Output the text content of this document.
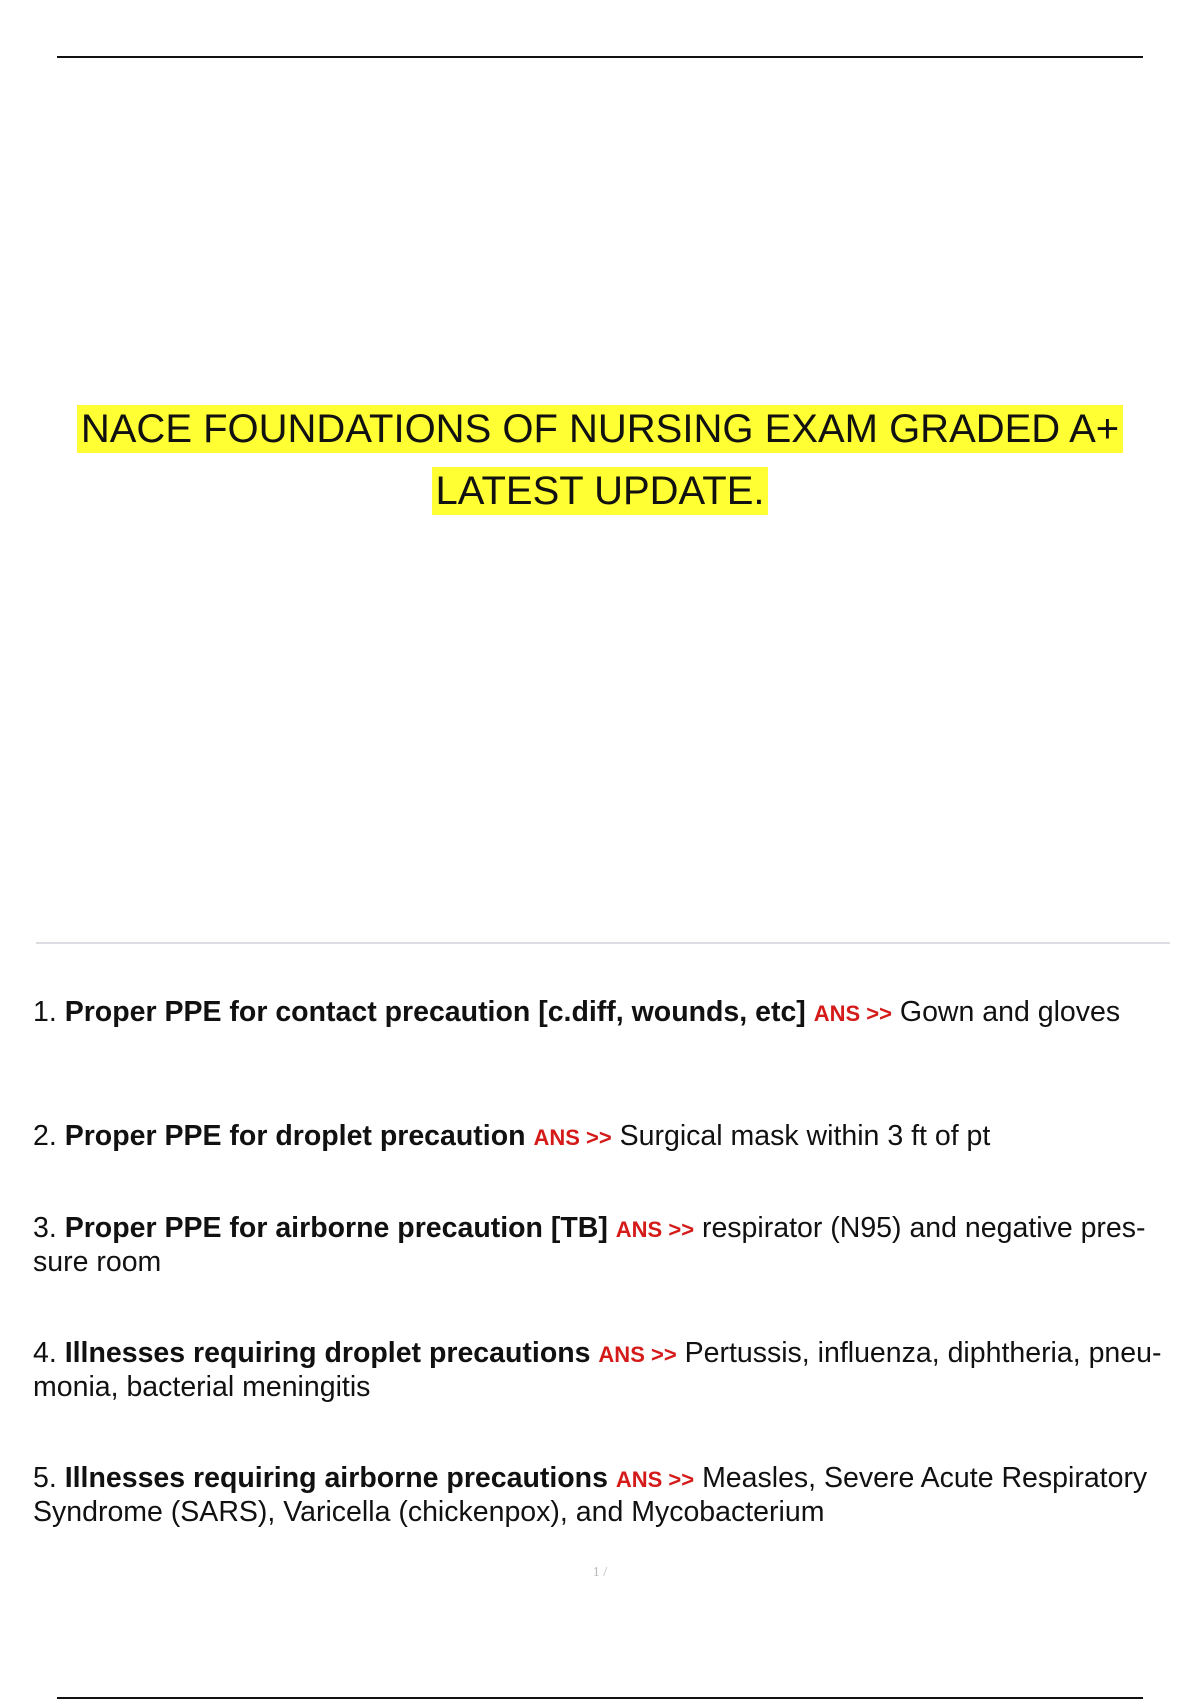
NACE FOUNDATIONS OF NURSING EXAM GRADED A+
LATEST UPDATE.
1. Proper PPE for contact precaution [c.diff, wounds, etc] ANS >> Gown and gloves
2. Proper PPE for droplet precaution ANS >> Surgical mask within 3 ft of pt
3. Proper PPE for airborne precaution [TB] ANS >> respirator (N95) and negative pres- sure room
4. Illnesses requiring droplet precautions ANS >> Pertussis, influenza, diphtheria, pneu- monia, bacterial meningitis
5. Illnesses requiring airborne precautions ANS >> Measles, Severe Acute Respiratory Syndrome (SARS), Varicella (chickenpox), and Mycobacterium
1 /
